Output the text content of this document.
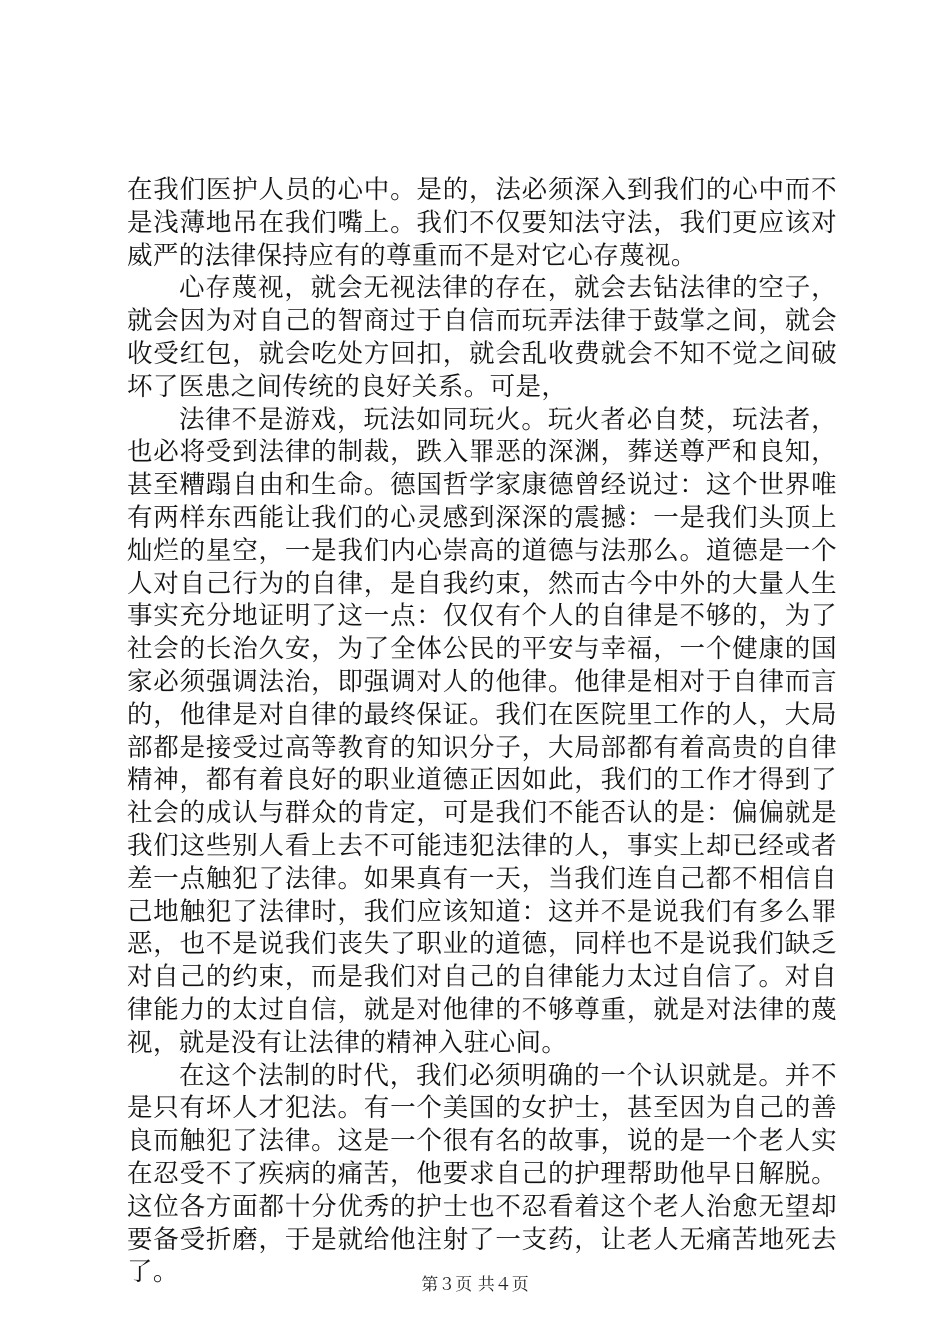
在我们医护人员的心中。是的，法必须深入到我们的心中而不是浅薄地吊在我们嘴上。我们不仅要知法守法，我们更应该对威严的法律保持应有的尊重而不是对它心存蔑视。

心存蔑视，就会无视法律的存在，就会去钻法律的空子，就会因为对自己的智商过于自信而玩弄法律于鼓掌之间，就会收受红包，就会吃处方回扣，就会乱收费就会不知不觉之间破坏了医患之间传统的良好关系。可是，

法律不是游戏，玩法如同玩火。玩火者必自焚，玩法者，也必将受到法律的制裁，跌入罪恶的深渊，葬送尊严和良知，甚至糟蹋自由和生命。德国哲学家康德曾经说过：这个世界唯有两样东西能让我们的心灵感到深深的震撼：一是我们头顶上灿烂的星空，一是我们内心崇高的道德与法那么。道德是一个人对自己行为的自律，是自我约束，然而古今中外的大量人生事实充分地证明了这一点：仅仅有个人的自律是不够的，为了社会的长治久安，为了全体公民的平安与幸福，一个健康的国家必须强调法治，即强调对人的他律。他律是相对于自律而言的，他律是对自律的最终保证。我们在医院里工作的人，大局部都是接受过高等教育的知识分子，大局部都有着高贵的自律精神，都有着良好的职业道德正因如此，我们的工作才得到了社会的成认与群众的肯定，可是我们不能否认的是：偏偏就是我们这些别人看上去不可能违犯法律的人，事实上却已经或者差一点触犯了法律。如果真有一天，当我们连自己都不相信自己地触犯了法律时，我们应该知道：这并不是说我们有多么罪恶，也不是说我们丧失了职业的道德，同样也不是说我们缺乏对自己的约束，而是我们对自己的自律能力太过自信了。对自律能力的太过自信，就是对他律的不够尊重，就是对法律的蔑视，就是没有让法律的精神入驻心间。

在这个法制的时代，我们必须明确的一个认识就是。并不是只有坏人才犯法。有一个美国的女护士，甚至因为自己的善良而触犯了法律。这是一个很有名的故事，说的是一个老人实在忍受不了疾病的痛苦，他要求自己的护理帮助他早日解脱。这位各方面都十分优秀的护士也不忍看着这个老人治愈无望却要备受折磨，于是就给他注射了一支药，让老人无痛苦地死去了。	第３页 共４页
